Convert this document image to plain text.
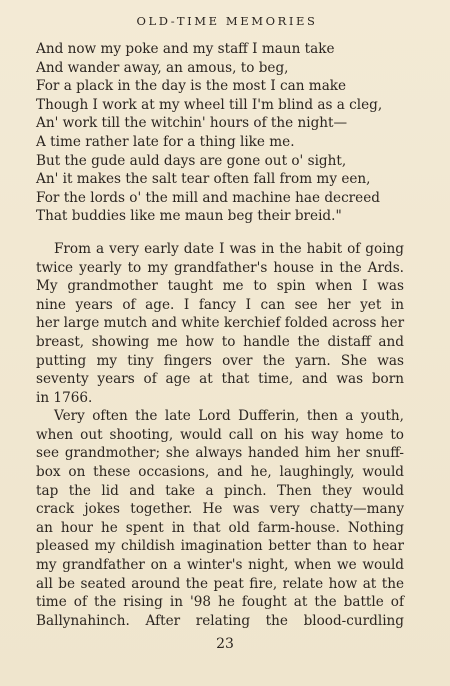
OLD-TIME MEMORIES
And now my poke and my staff I maun take
And wander away, an amous, to beg,
For a plack in the day is the most I can make
Though I work at my wheel till I'm blind as a cleg,
An' work till the witchin' hours of the night—
A time rather late for a thing like me.
But the gude auld days are gone out o' sight,
An' it makes the salt tear often fall from my een,
For the lords o' the mill and machine hae decreed
That buddies like me maun beg their breid."
From a very early date I was in the habit of going
twice yearly to my grandfather's house in the Ards.
My grandmother taught me to spin when I was
nine years of age. I fancy I can see her yet in
her large mutch and white kerchief folded across her
breast, showing me how to handle the distaff and
putting my tiny fingers over the yarn. She was
seventy years of age at that time, and was born
in 1766.
Very often the late Lord Dufferin, then a youth,
when out shooting, would call on his way home to
see grandmother; she always handed him her snuff-
box on these occasions, and he, laughingly, would
tap the lid and take a pinch. Then they would
crack jokes together. He was very chatty—many
an hour he spent in that old farm-house. Nothing
pleased my childish imagination better than to hear
my grandfather on a winter's night, when we would
all be seated around the peat fire, relate how at the
time of the rising in '98 he fought at the battle of
Ballynahinch. After relating the blood-curdling
23
